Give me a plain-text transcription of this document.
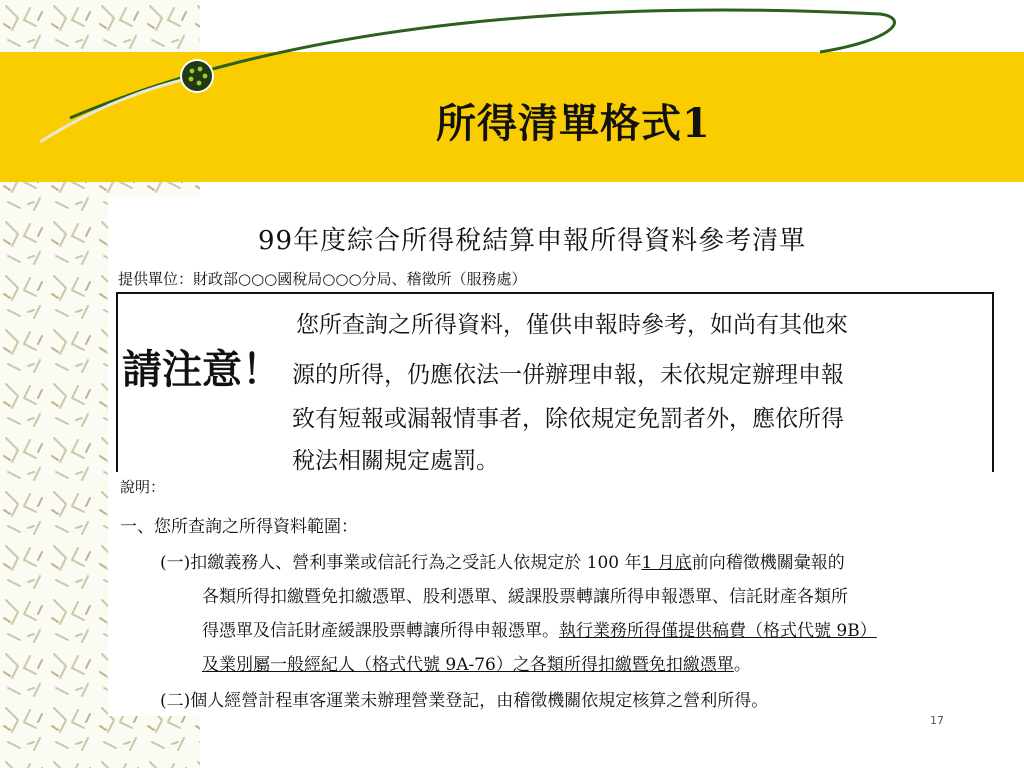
所得清單格式1
99年度綜合所得稅結算申報所得資料參考清單
提供單位：財政部○○○國稅局○○○分局、稽徵所（服務處）
請注意！
您所查詢之所得資料，僅供申報時參考，如尚有其他來
源的所得，仍應依法一併辦理申報，未依規定辦理申報
致有短報或漏報情事者，除依規定免罰者外，應依所得
稅法相關規定處罰。
說明：
一、您所查詢之所得資料範圍：
(一)扣繳義務人、營利事業或信託行為之受託人依規定於 100 年1 月底前向稽徵機關彙報的
各類所得扣繳暨免扣繳憑單、股利憑單、緩課股票轉讓所得申報憑單、信託財產各類所
得憑單及信託財產緩課股票轉讓所得申報憑單。執行業務所得僅提供稿費（格式代號 9B）
及業別屬一般經紀人（格式代號 9A-76）之各類所得扣繳暨免扣繳憑單。
(二)個人經營計程車客運業未辦理營業登記，由稽徵機關依規定核算之營利所得。
17
